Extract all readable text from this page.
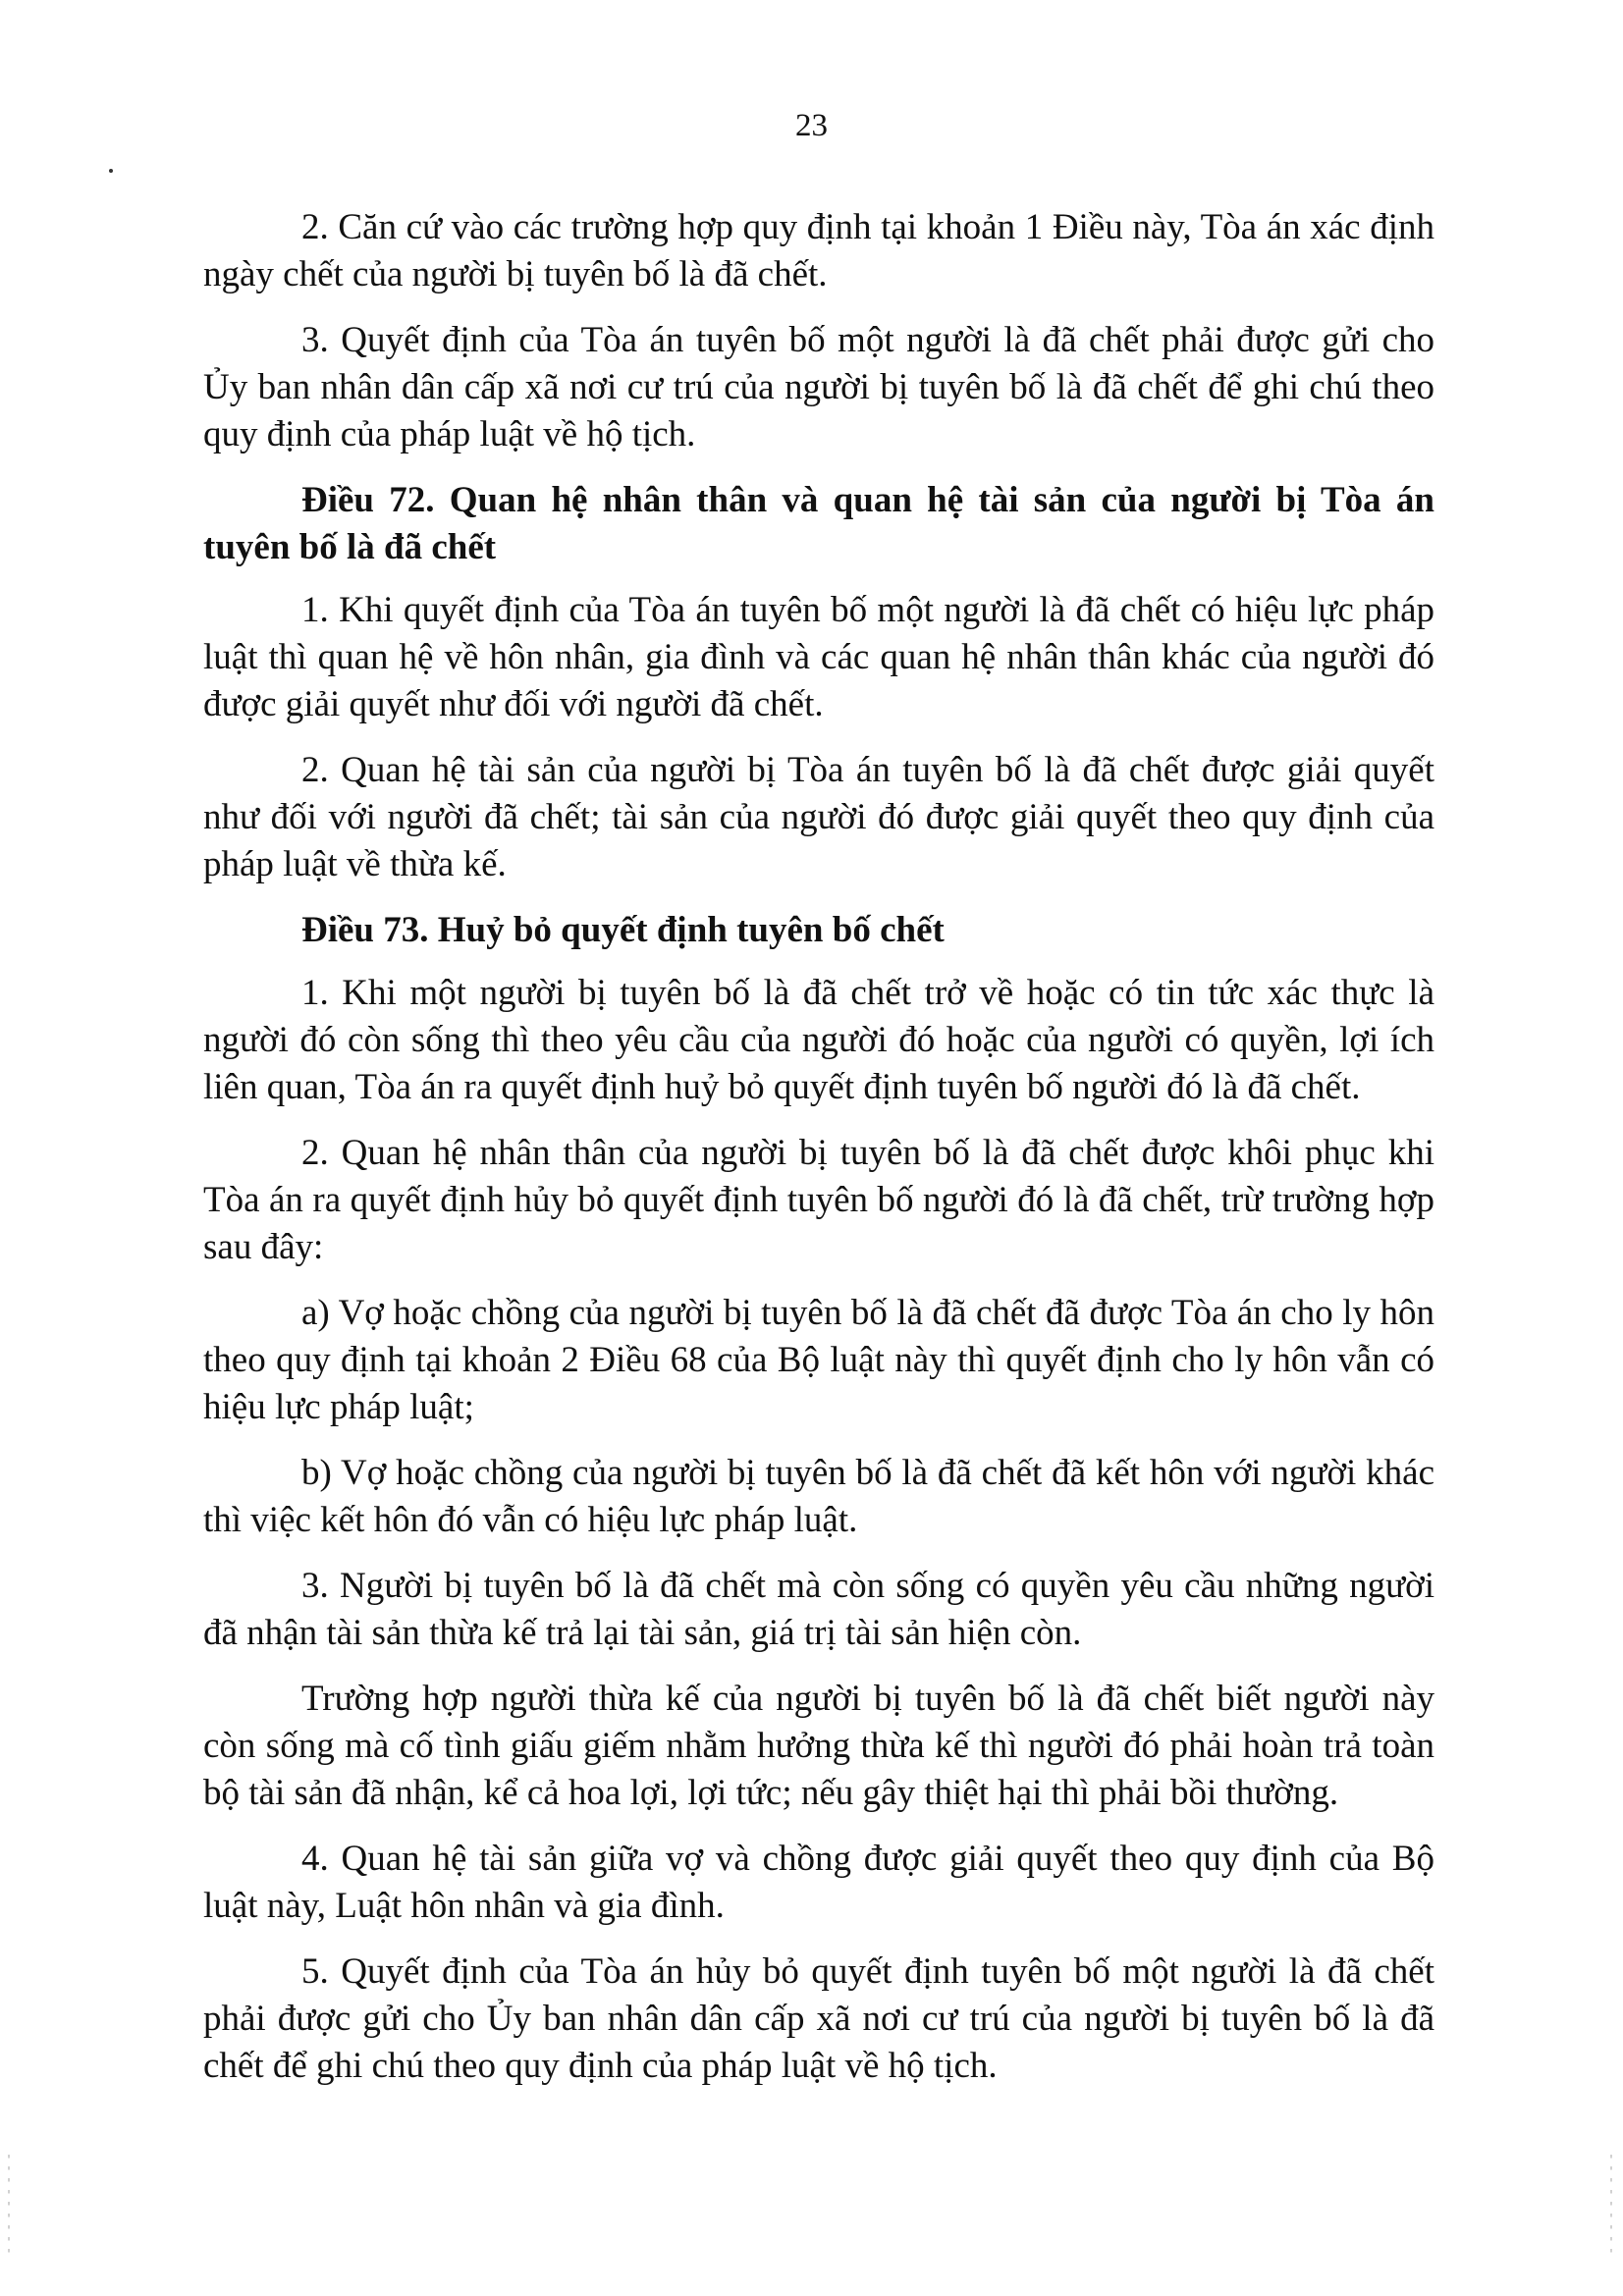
23

2. Căn cứ vào các trường hợp quy định tại khoản 1 Điều này, Tòa án xác định ngày chết của người bị tuyên bố là đã chết.

3. Quyết định của Tòa án tuyên bố một người là đã chết phải được gửi cho Ủy ban nhân dân cấp xã nơi cư trú của người bị tuyên bố là đã chết để ghi chú theo quy định của pháp luật về hộ tịch.

Điều 72. Quan hệ nhân thân và quan hệ tài sản của người bị Tòa án tuyên bố là đã chết

1. Khi quyết định của Tòa án tuyên bố một người là đã chết có hiệu lực pháp luật thì quan hệ về hôn nhân, gia đình và các quan hệ nhân thân khác của người đó được giải quyết như đối với người đã chết.

2. Quan hệ tài sản của người bị Tòa án tuyên bố là đã chết được giải quyết như đối với người đã chết; tài sản của người đó được giải quyết theo quy định của pháp luật về thừa kế.

Điều 73. Huỷ bỏ quyết định tuyên bố chết

1. Khi một người bị tuyên bố là đã chết trở về hoặc có tin tức xác thực là người đó còn sống thì theo yêu cầu của người đó hoặc của người có quyền, lợi ích liên quan, Tòa án ra quyết định huỷ bỏ quyết định tuyên bố người đó là đã chết.

2. Quan hệ nhân thân của người bị tuyên bố là đã chết được khôi phục khi Tòa án ra quyết định hủy bỏ quyết định tuyên bố người đó là đã chết, trừ trường hợp sau đây:

a) Vợ hoặc chồng của người bị tuyên bố là đã chết đã được Tòa án cho ly hôn theo quy định tại khoản 2 Điều 68 của Bộ luật này thì quyết định cho ly hôn vẫn có hiệu lực pháp luật;

b) Vợ hoặc chồng của người bị tuyên bố là đã chết đã kết hôn với người khác thì việc kết hôn đó vẫn có hiệu lực pháp luật.

3. Người bị tuyên bố là đã chết mà còn sống có quyền yêu cầu những người đã nhận tài sản thừa kế trả lại tài sản, giá trị tài sản hiện còn.

Trường hợp người thừa kế của người bị tuyên bố là đã chết biết người này còn sống mà cố tình giấu giếm nhằm hưởng thừa kế thì người đó phải hoàn trả toàn bộ tài sản đã nhận, kể cả hoa lợi, lợi tức; nếu gây thiệt hại thì phải bồi thường.

4. Quan hệ tài sản giữa vợ và chồng được giải quyết theo quy định của Bộ luật này, Luật hôn nhân và gia đình.

5. Quyết định của Tòa án hủy bỏ quyết định tuyên bố một người là đã chết phải được gửi cho Ủy ban nhân dân cấp xã nơi cư trú của người bị tuyên bố là đã chết để ghi chú theo quy định của pháp luật về hộ tịch.
